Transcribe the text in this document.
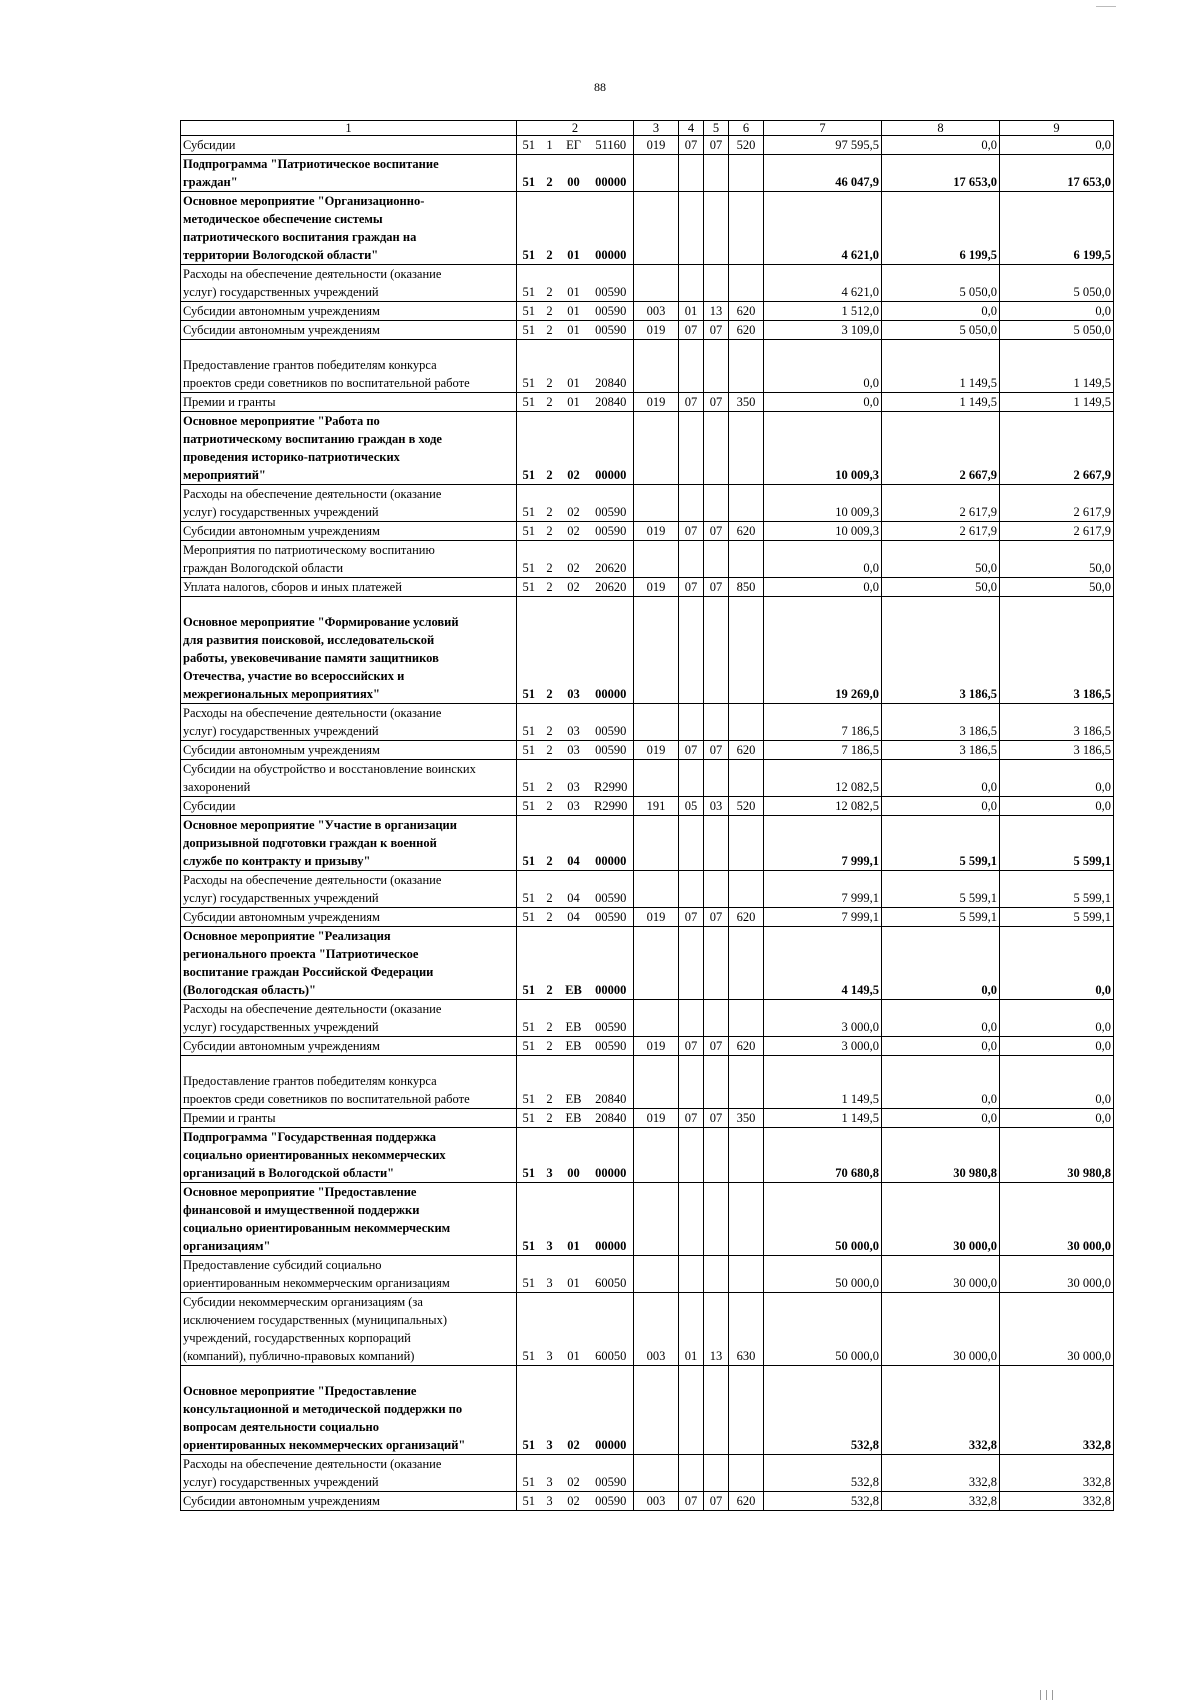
88
1	2				3	4	5	6	7	8	9
Субсидии	51	1	ЕГ	51160	019	07	07	520	97 595,5	0,0	0,0
Подпрограмма "Патриотическое воспитание
граждан"	51	2	00	00000					46 047,9	17 653,0	17 653,0
Основное мероприятие "Организационно-
методическое обеспечение системы
патриотического воспитания граждан на
территории Вологодской области"	51	2	01	00000					4 621,0	6 199,5	6 199,5
Расходы на обеспечение деятельности (оказание
услуг) государственных учреждений	51	2	01	00590					4 621,0	5 050,0	5 050,0
Субсидии автономным учреждениям	51	2	01	00590	003	01	13	620	1 512,0	0,0	0,0
Субсидии автономным учреждениям	51	2	01	00590	019	07	07	620	3 109,0	5 050,0	5 050,0
Предоставление грантов победителям конкурса
проектов среди советников по воспитательной работе	51	2	01	20840					0,0	1 149,5	1 149,5
Премии и гранты	51	2	01	20840	019	07	07	350	0,0	1 149,5	1 149,5
Основное мероприятие "Работа по
патриотическому воспитанию граждан в ходе
проведения историко-патриотических
мероприятий"	51	2	02	00000					10 009,3	2 667,9	2 667,9
Расходы на обеспечение деятельности (оказание
услуг) государственных учреждений	51	2	02	00590					10 009,3	2 617,9	2 617,9
Субсидии автономным учреждениям	51	2	02	00590	019	07	07	620	10 009,3	2 617,9	2 617,9
Мероприятия по патриотическому воспитанию
граждан Вологодской области	51	2	02	20620					0,0	50,0	50,0
Уплата налогов, сборов и иных платежей	51	2	02	20620	019	07	07	850	0,0	50,0	50,0
Основное мероприятие "Формирование условий
для развития поисковой, исследовательской
работы, увековечивание памяти защитников
Отечества, участие во всероссийских и
межрегиональных мероприятиях"	51	2	03	00000					19 269,0	3 186,5	3 186,5
Расходы на обеспечение деятельности (оказание
услуг) государственных учреждений	51	2	03	00590					7 186,5	3 186,5	3 186,5
Субсидии автономным учреждениям	51	2	03	00590	019	07	07	620	7 186,5	3 186,5	3 186,5
Субсидии на обустройство и восстановление воинских
захоронений	51	2	03	R2990					12 082,5	0,0	0,0
Субсидии	51	2	03	R2990	191	05	03	520	12 082,5	0,0	0,0
Основное мероприятие "Участие в организации
допризывной подготовки граждан к военной
службе по контракту и призыву"	51	2	04	00000					7 999,1	5 599,1	5 599,1
Расходы на обеспечение деятельности (оказание
услуг) государственных учреждений	51	2	04	00590					7 999,1	5 599,1	5 599,1
Субсидии автономным учреждениям	51	2	04	00590	019	07	07	620	7 999,1	5 599,1	5 599,1
Основное мероприятие "Реализация
регионального проекта "Патриотическое
воспитание граждан Российской Федерации
(Вологодская область)"	51	2	ЕВ	00000					4 149,5	0,0	0,0
Расходы на обеспечение деятельности (оказание
услуг) государственных учреждений	51	2	ЕВ	00590					3 000,0	0,0	0,0
Субсидии автономным учреждениям	51	2	ЕВ	00590	019	07	07	620	3 000,0	0,0	0,0
Предоставление грантов победителям конкурса
проектов среди советников по воспитательной работе	51	2	ЕВ	20840					1 149,5	0,0	0,0
Премии и гранты	51	2	ЕВ	20840	019	07	07	350	1 149,5	0,0	0,0
Подпрограмма "Государственная поддержка
социально ориентированных некоммерческих
организаций в Вологодской области"	51	3	00	00000					70 680,8	30 980,8	30 980,8
Основное мероприятие "Предоставление
финансовой и имущественной поддержки
социально ориентированным некоммерческим
организациям"	51	3	01	00000					50 000,0	30 000,0	30 000,0
Предоставление субсидий социально
ориентированным некоммерческим организациям	51	3	01	60050					50 000,0	30 000,0	30 000,0
Субсидии некоммерческим организациям (за
исключением государственных (муниципальных)
учреждений, государственных корпораций
(компаний), публично-правовых компаний)	51	3	01	60050	003	01	13	630	50 000,0	30 000,0	30 000,0
Основное мероприятие "Предоставление
консультационной и методической поддержки по
вопросам деятельности социально
ориентированных некоммерческих организаций"	51	3	02	00000					532,8	332,8	332,8
Расходы на обеспечение деятельности (оказание
услуг) государственных учреждений	51	3	02	00590					532,8	332,8	332,8
Субсидии автономным учреждениям	51	3	02	00590	003	07	07	620	532,8	332,8	332,8
